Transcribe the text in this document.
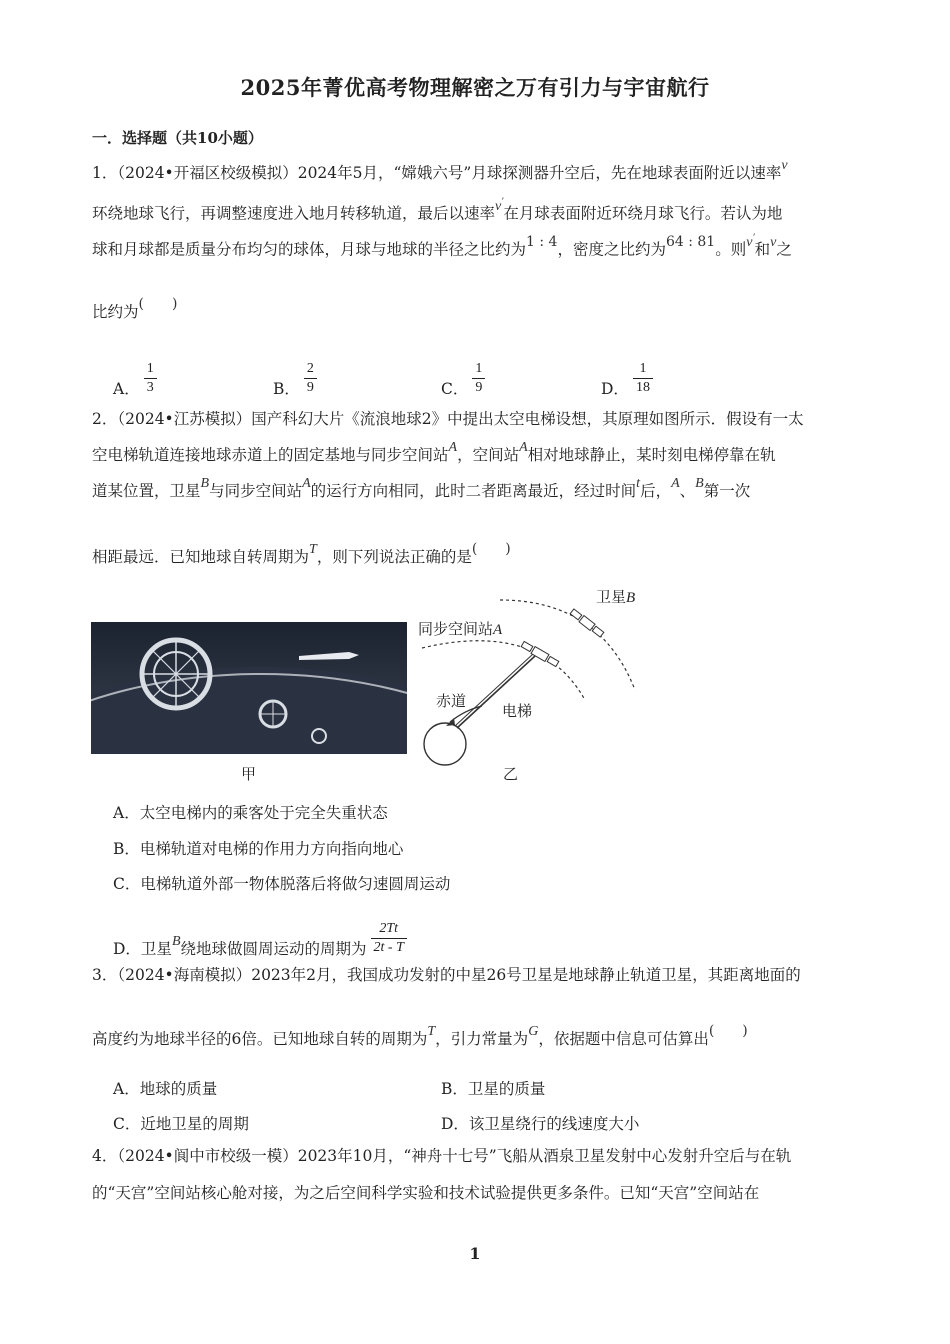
2025年菁优高考物理解密之万有引力与宇宙航行
一．选择题（共10小题）
1．（2024•开福区校级模拟）2024年5月，“嫦娥六号”月球探测器升空后，先在地球表面附近以速率v
环绕地球飞行，再调整速度进入地月转移轨道，最后以速率v′在月球表面附近环绕月球飞行。若认为地
球和月球都是质量分布均匀的球体，月球与地球的半径之比约为1 : 4，密度之比约为64 : 81。则v′和v之
比约为(　　)
A． $\frac{1}{3}$	B． $\frac{2}{9}$	C． $\frac{1}{9}$	D． $\frac{1}{18}$
2．（2024•江苏模拟）国产科幻大片《流浪地球2》中提出太空电梯设想，其原理如图所示．假设有一太
空电梯轨道连接地球赤道上的固定基地与同步空间站A，空间站A相对地球静止，某时刻电梯停靠在轨
道某位置，卫星B与同步空间站A的运行方向相同，此时二者距离最近，经过时间t后，A、B第一次
相距最远．已知地球自转周期为T，则下列说法正确的是(　　)
甲
卫星B
同步空间站A
赤道
电梯
乙
A．太空电梯内的乘客处于完全失重状态
B．电梯轨道对电梯的作用力方向指向地心
C．电梯轨道外部一物体脱落后将做匀速圆周运动
D．卫星B绕地球做圆周运动的周期为 $\frac{2Tt}{2t - T}$
3．（2024•海南模拟）2023年2月，我国成功发射的中星26号卫星是地球静止轨道卫星，其距离地面的
高度约为地球半径的6倍。已知地球自转的周期为T，引力常量为G，依据题中信息可估算出(　　)
A．地球的质量	B．卫星的质量
C．近地卫星的周期	D．该卫星绕行的线速度大小
4．（2024•阆中市校级一模）2023年10月，“神舟十七号”飞船从酒泉卫星发射中心发射升空后与在轨
的“天宫”空间站核心舱对接，为之后空间科学实验和技术试验提供更多条件。已知“天宫”空间站在
1
